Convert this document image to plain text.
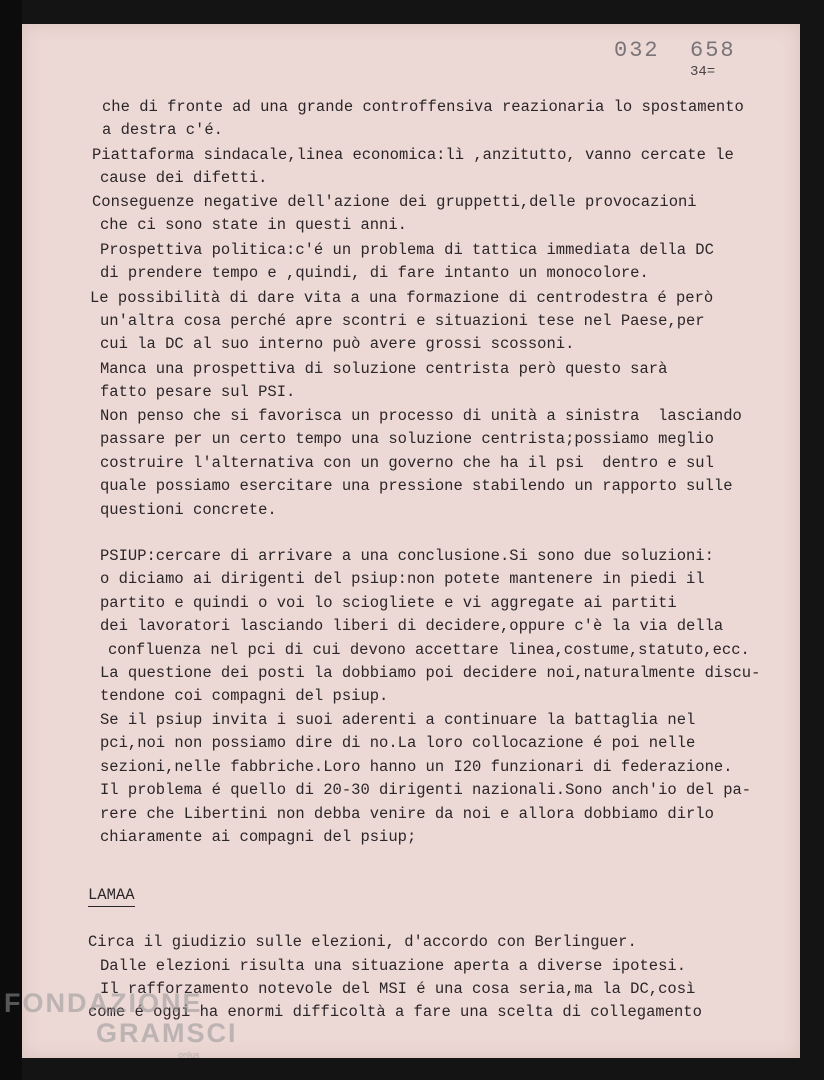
032  658
34=
che di fronte ad una grande controffensiva reazionaria lo spostamento
a destra c'é.
Piattaforma sindacale,linea economica:lì ,anzitutto, vanno cercate le
cause dei difetti.
Conseguenze negative dell'azione dei gruppetti,delle provocazioni
che ci sono state in questi anni.
Prospettiva politica:c'é un problema di tattica immediata della DC
di prendere tempo e ,quindi, di fare intanto un monocolore.
Le possibilità di dare vita a una formazione di centrodestra é però
un'altra cosa perché apre scontri e situazioni tese nel Paese,per
cui la DC al suo interno può avere grossi scossoni.
Manca una prospettiva di soluzione centrista però questo sarà
fatto pesare sul PSI.
Non penso che si favorisca un processo di unità a sinistra  lasciando
passare per un certo tempo una soluzione centrista;possiamo meglio
costruire l'alternativa con un governo che ha il psi  dentro e sul
quale possiamo esercitare una pressione stabilendo un rapporto sulle
questioni concrete.
PSIUP:cercare di arrivare a una conclusione.Si sono due soluzioni:
o diciamo ai dirigenti del psiup:non potete mantenere in piedi il
partito e quindi o voi lo sciogliete e vi aggregate ai partiti
dei lavoratori lasciando liberi di decidere,oppure c'è la via della
confluenza nel pci di cui devono accettare linea,costume,statuto,ecc.
La questione dei posti la dobbiamo poi decidere noi,naturalmente discu-
tendone coi compagni del psiup.
Se il psiup invita i suoi aderenti a continuare la battaglia nel
pci,noi non possiamo dire di no.La loro collocazione é poi nelle
sezioni,nelle fabbriche.Loro hanno un I20 funzionari di federazione.
Il problema é quello di 20-30 dirigenti nazionali.Sono anch'io del pa-
rere che Libertini non debba venire da noi e allora dobbiamo dirlo
chiaramente ai compagni del psiup;
LAMAA
Circa il giudizio sulle elezioni, d'accordo con Berlinguer.
Dalle elezioni risulta una situazione aperta a diverse ipotesi.
Il rafforzamento notevole del MSI é una cosa seria,ma la DC,così
come é oggi ha enormi difficoltà a fare una scelta di collegamento
FONDAZIONE
GRAMSCI
onlus
